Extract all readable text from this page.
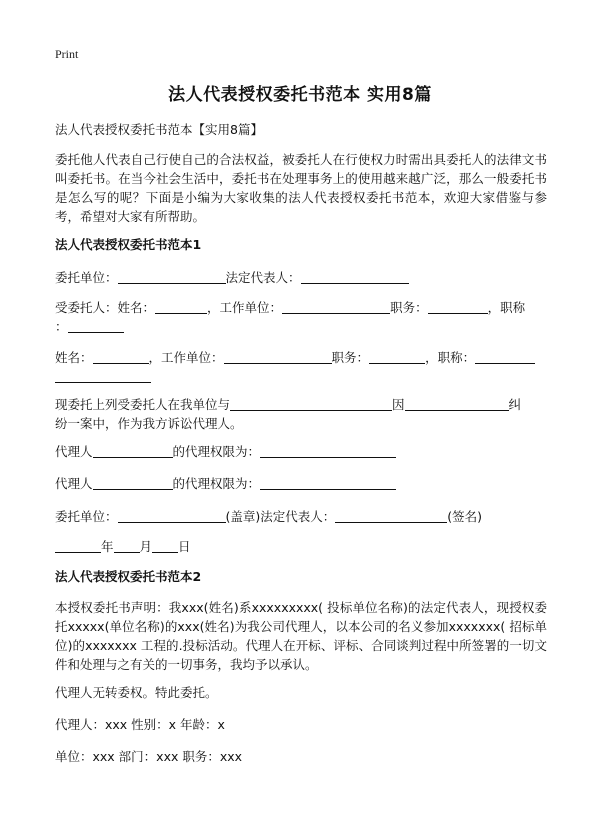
Print
法人代表授权委托书范本 实用8篇
法人代表授权委托书范本【实用8篇】
委托他人代表自己行使自己的合法权益，被委托人在行使权力时需出具委托人的法律文书叫委托书。在当今社会生活中，委托书在处理事务上的使用越来越广泛，那么一般委托书是怎么写的呢？下面是小编为大家收集的法人代表授权委托书范本，欢迎大家借鉴与参考，希望对大家有所帮助。
法人代表授权委托书范本1
委托单位：	法定代表人：
受委托人：姓名：	，工作单位：	职务：	，职称
：
姓名：	，工作单位：	职务：	，职称：
现委托上列受委托人在我单位与	因	纠
纷一案中，作为我方诉讼代理人。
代理人	的代理权限为：
代理人	的代理权限为：
委托单位：	(盖章)法定代表人：	(签名)
年 月 日
法人代表授权委托书范本2
本授权委托书声明：我xxx(姓名)系xxxxxxxxx( 投标单位名称)的法定代表人，现授权委托xxxxx(单位名称)的xxx(姓名)为我公司代理人，以本公司的名义参加xxxxxxx( 招标单位)的xxxxxxx 工程的.投标活动。代理人在开标、评标、合同谈判过程中所签署的一切文件和处理与之有关的一切事务，我均予以承认。
代理人无转委权。特此委托。
代理人：xxx 性别：x 年龄：x
单位：xxx 部门：xxx 职务：xxx
